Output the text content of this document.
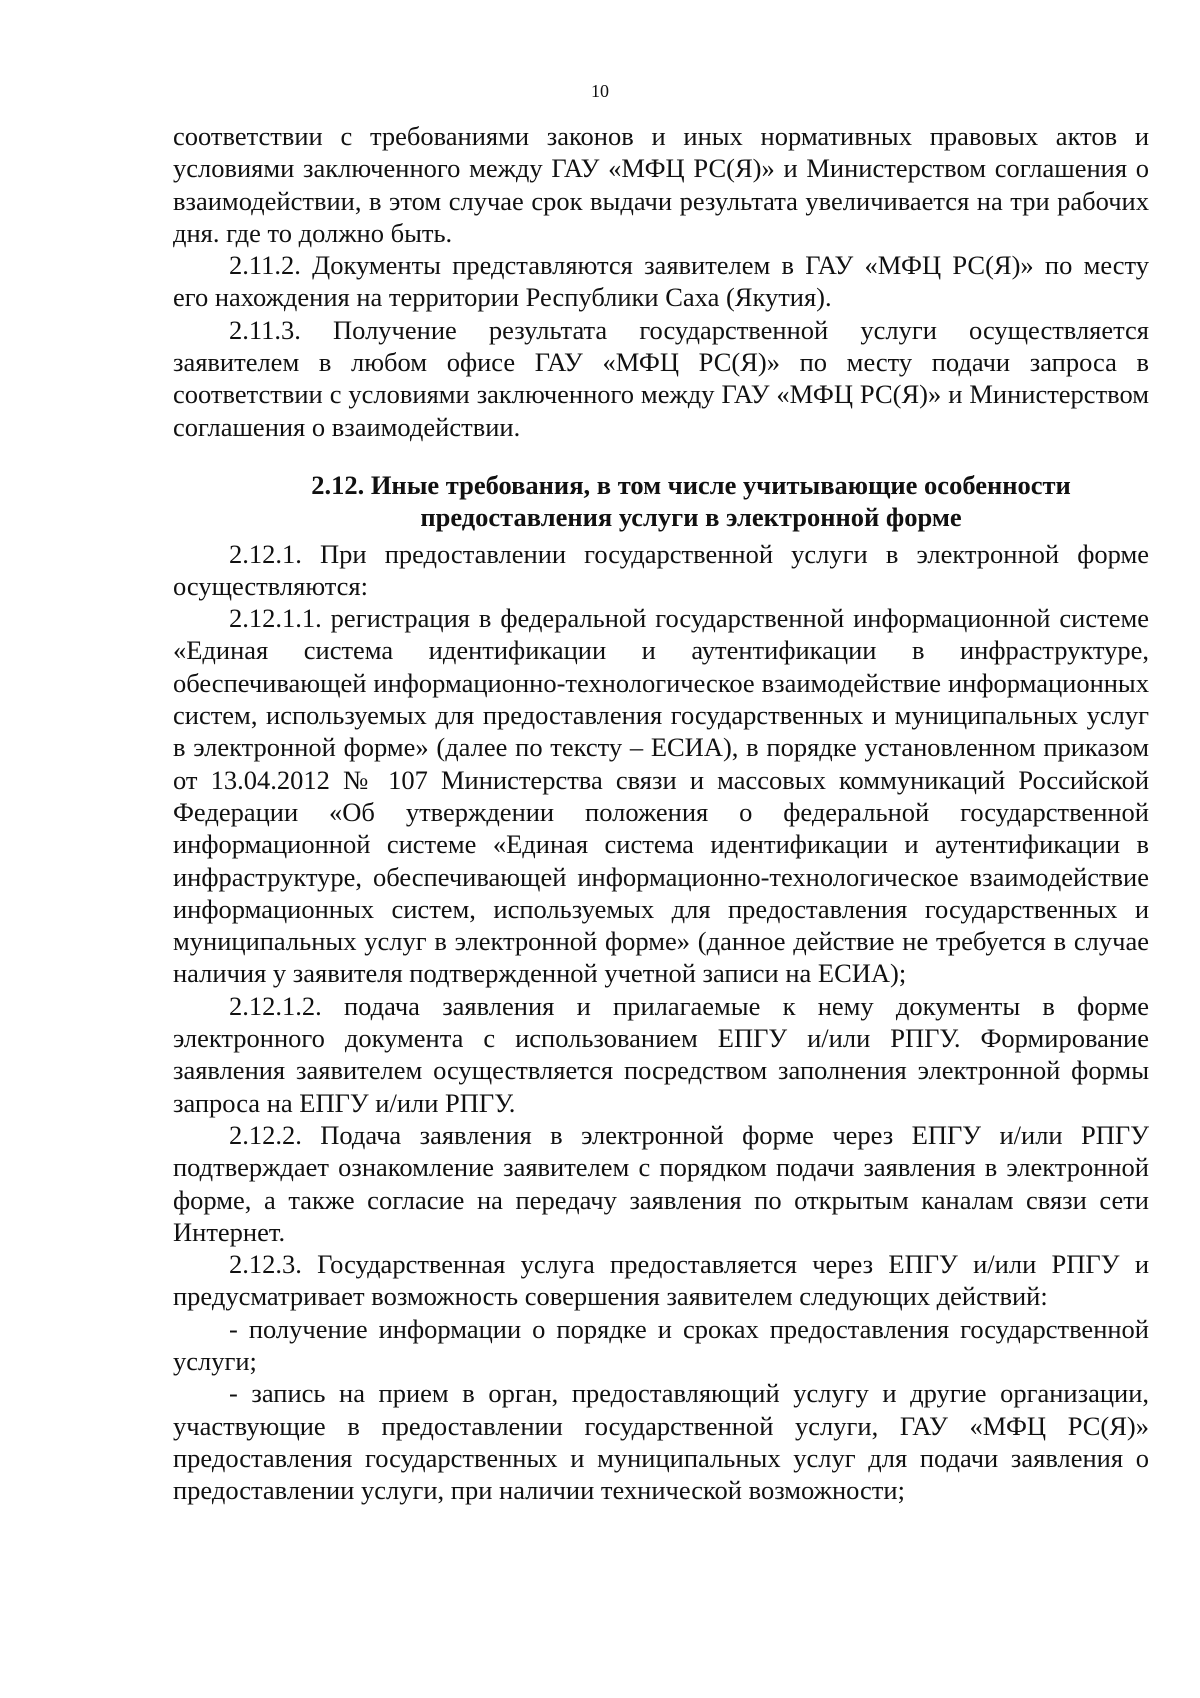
10

соответствии с требованиями законов и иных нормативных правовых актов и условиями заключенного между ГАУ «МФЦ РС(Я)» и Министерством соглашения о взаимодействии, в этом случае срок выдачи результата увеличивается на три рабочих дня. где то должно быть.

2.11.2. Документы представляются заявителем в ГАУ «МФЦ РС(Я)» по месту его нахождения на территории Республики Саха (Якутия).

2.11.3. Получение результата государственной услуги осуществляется заявителем в любом офисе ГАУ «МФЦ РС(Я)» по месту подачи запроса в соответствии с условиями заключенного между ГАУ «МФЦ РС(Я)» и Министерством соглашения о взаимодействии.

2.12. Иные требования, в том числе учитывающие особенности
предоставления услуги в электронной форме

2.12.1. При предоставлении государственной услуги в электронной форме осуществляются:

2.12.1.1. регистрация в федеральной государственной информационной системе «Единая система идентификации и аутентификации в инфраструктуре, обеспечивающей информационно-технологическое взаимодействие информационных систем, используемых для предоставления государственных и муниципальных услуг в электронной форме» (далее по тексту – ЕСИА), в порядке установленном приказом от 13.04.2012 № 107 Министерства связи и массовых коммуникаций Российской Федерации «Об утверждении положения о федеральной государственной информационной системе «Единая система идентификации и аутентификации в инфраструктуре, обеспечивающей информационно-технологическое взаимодействие информационных систем, используемых для предоставления государственных и муниципальных услуг в электронной форме» (данное действие не требуется в случае наличия у заявителя подтвержденной учетной записи на ЕСИА);

2.12.1.2. подача заявления и прилагаемые к нему документы в форме электронного документа с использованием ЕПГУ и/или РПГУ. Формирование заявления заявителем осуществляется посредством заполнения электронной формы запроса на ЕПГУ и/или РПГУ.

2.12.2. Подача заявления в электронной форме через ЕПГУ и/или РПГУ подтверждает ознакомление заявителем с порядком подачи заявления в электронной форме, а также согласие на передачу заявления по открытым каналам связи сети Интернет.

2.12.3. Государственная услуга предоставляется через ЕПГУ и/или РПГУ и предусматривает возможность совершения заявителем следующих действий:

- получение информации о порядке и сроках предоставления государственной услуги;

- запись на прием в орган, предоставляющий услугу и другие организации, участвующие в предоставлении государственной услуги, ГАУ «МФЦ РС(Я)» предоставления государственных и муниципальных услуг для подачи заявления о предоставлении услуги, при наличии технической возможности;
